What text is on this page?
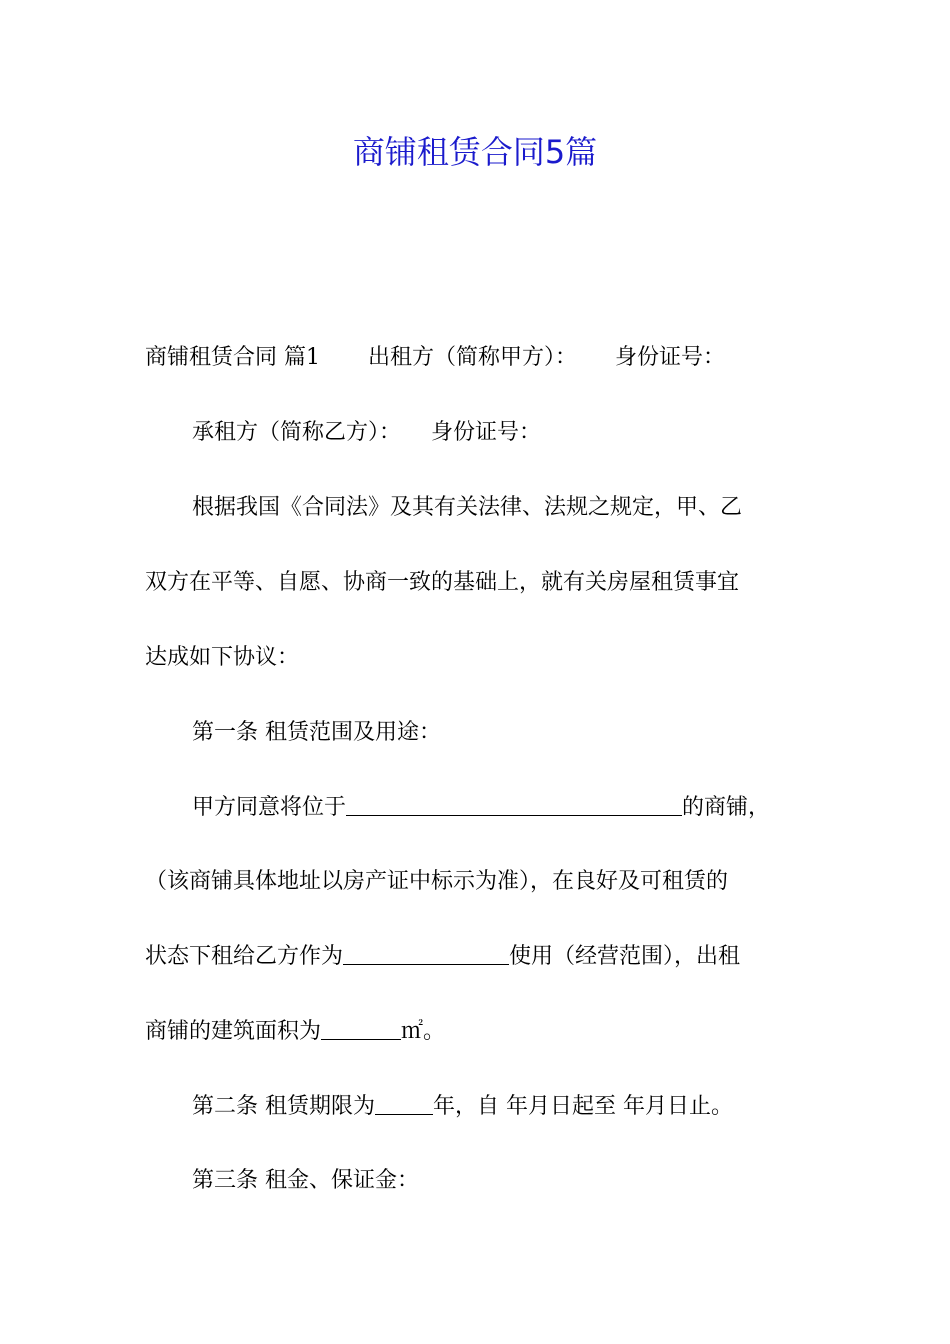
商铺租赁合同5篇
商铺租赁合同 篇1 出租方（简称甲方）： 身份证号：
承租方（简称乙方）： 身份证号：
根据我国《合同法》及其有关法律、法规之规定，甲、乙
双方在平等、自愿、协商一致的基础上，就有关房屋租赁事宜
达成如下协议：
第一条 租赁范围及用途：
甲方同意将位于	的商铺，
（该商铺具体地址以房产证中标示为准），在良好及可租赁的
状态下租给乙方作为	使用（经营范围），出租
商铺的建筑面积为	㎡。
第二条 租赁期限为	年，自 年月日起至 年月日止。
第三条 租金、保证金：
